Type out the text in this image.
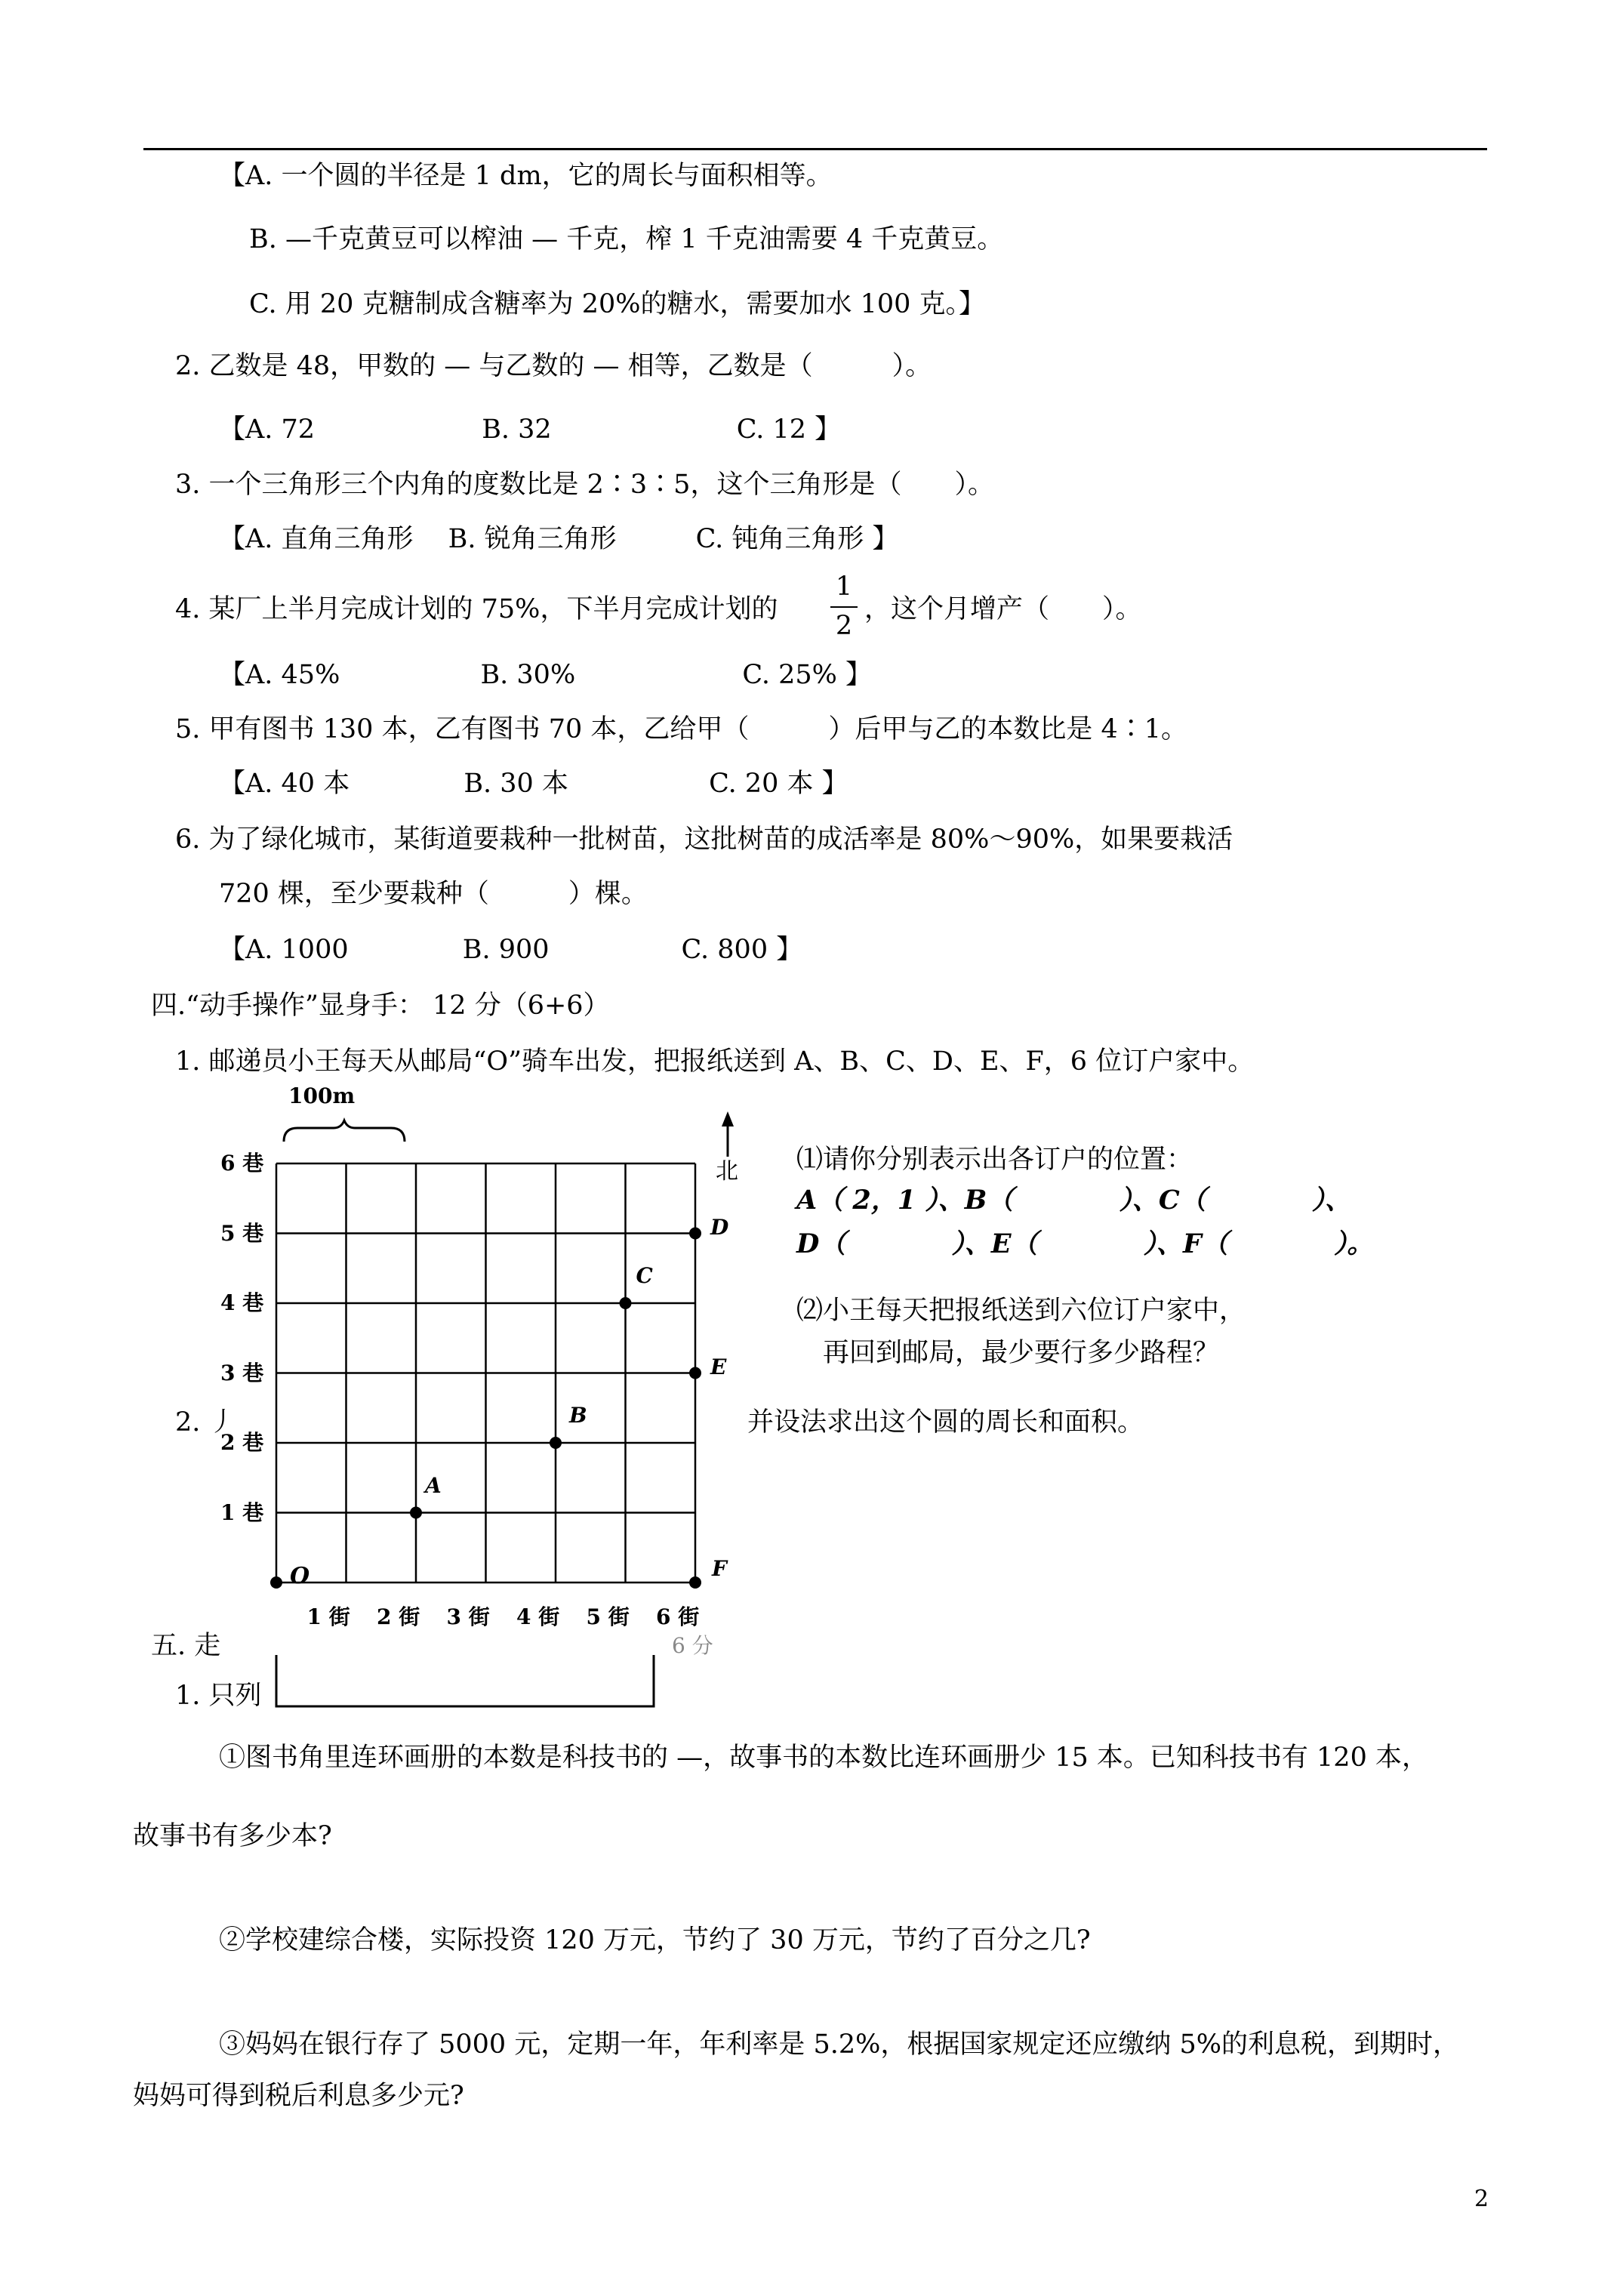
【A. 一个圆的半径是 1 dm，它的周长与面积相等。
B. —千克黄豆可以榨油 — 千克，榨 1 千克油需要 4 千克黄豆。
C. 用 20 克糖制成含糖率为 20%的糖水，需要加水 100 克。】
2. 乙数是 48，甲数的 — 与乙数的 — 相等，乙数是（　　　）。
【A. 72　　　　　　 B. 32　　　　　　　C. 12 】
3. 一个三角形三个内角的度数比是 2∶3∶5，这个三角形是（　　）。
【A. 直角三角形　 B. 锐角三角形　　　C. 钝角三角形 】
4. 某厂上半月完成计划的 75%，下半月完成计划的
1
2
，这个月增产（　　）。
【A. 45%　　　　　 B. 30%　　　　　　 C. 25% 】
5. 甲有图书 130 本，乙有图书 70 本，乙给甲（　　　）后甲与乙的本数比是 4∶1。
【A. 40 本　　　　 B. 30 本　　　　　 C. 20 本 】
6. 为了绿化城市，某街道要栽种一批树苗，这批树苗的成活率是 80%～90%，如果要栽活
720 棵，至少要栽种（　　　）棵。
【A. 1000　　　　 B. 900　　　　　C. 800 】
四.“动手操作”显身手： 12 分（6+6）
1. 邮递员小王每天从邮局“O”骑车出发，把报纸送到 A、B、C、D、E、F，6 位订户家中。
100m
北
1 巷
2 巷
3 巷
4 巷
5 巷
6 巷
1 街 2 街 3 街 4 街 5 街 6 街
A
B
C
D
E
F
O
⑴请你分别表示出各订户的位置：
A（ 2，1 ）、B（　　　　）、C（　　　　）、
D（　　　　）、E（　　　　）、F（　　　　）。
⑵小王每天把报纸送到六位订户家中，
再回到邮局，最少要行多少路程？
2. 丿	并设法求出这个圆的周长和面积。
五. 走	6 分
1. 只列
①图书角里连环画册的本数是科技书的 —，故事书的本数比连环画册少 15 本。已知科技书有 120 本，
故事书有多少本?
②学校建综合楼，实际投资 120 万元，节约了 30 万元，节约了百分之几?
③妈妈在银行存了 5000 元，定期一年，年利率是 5.2%，根据国家规定还应缴纳 5%的利息税，到期时，
妈妈可得到税后利息多少元?
2
